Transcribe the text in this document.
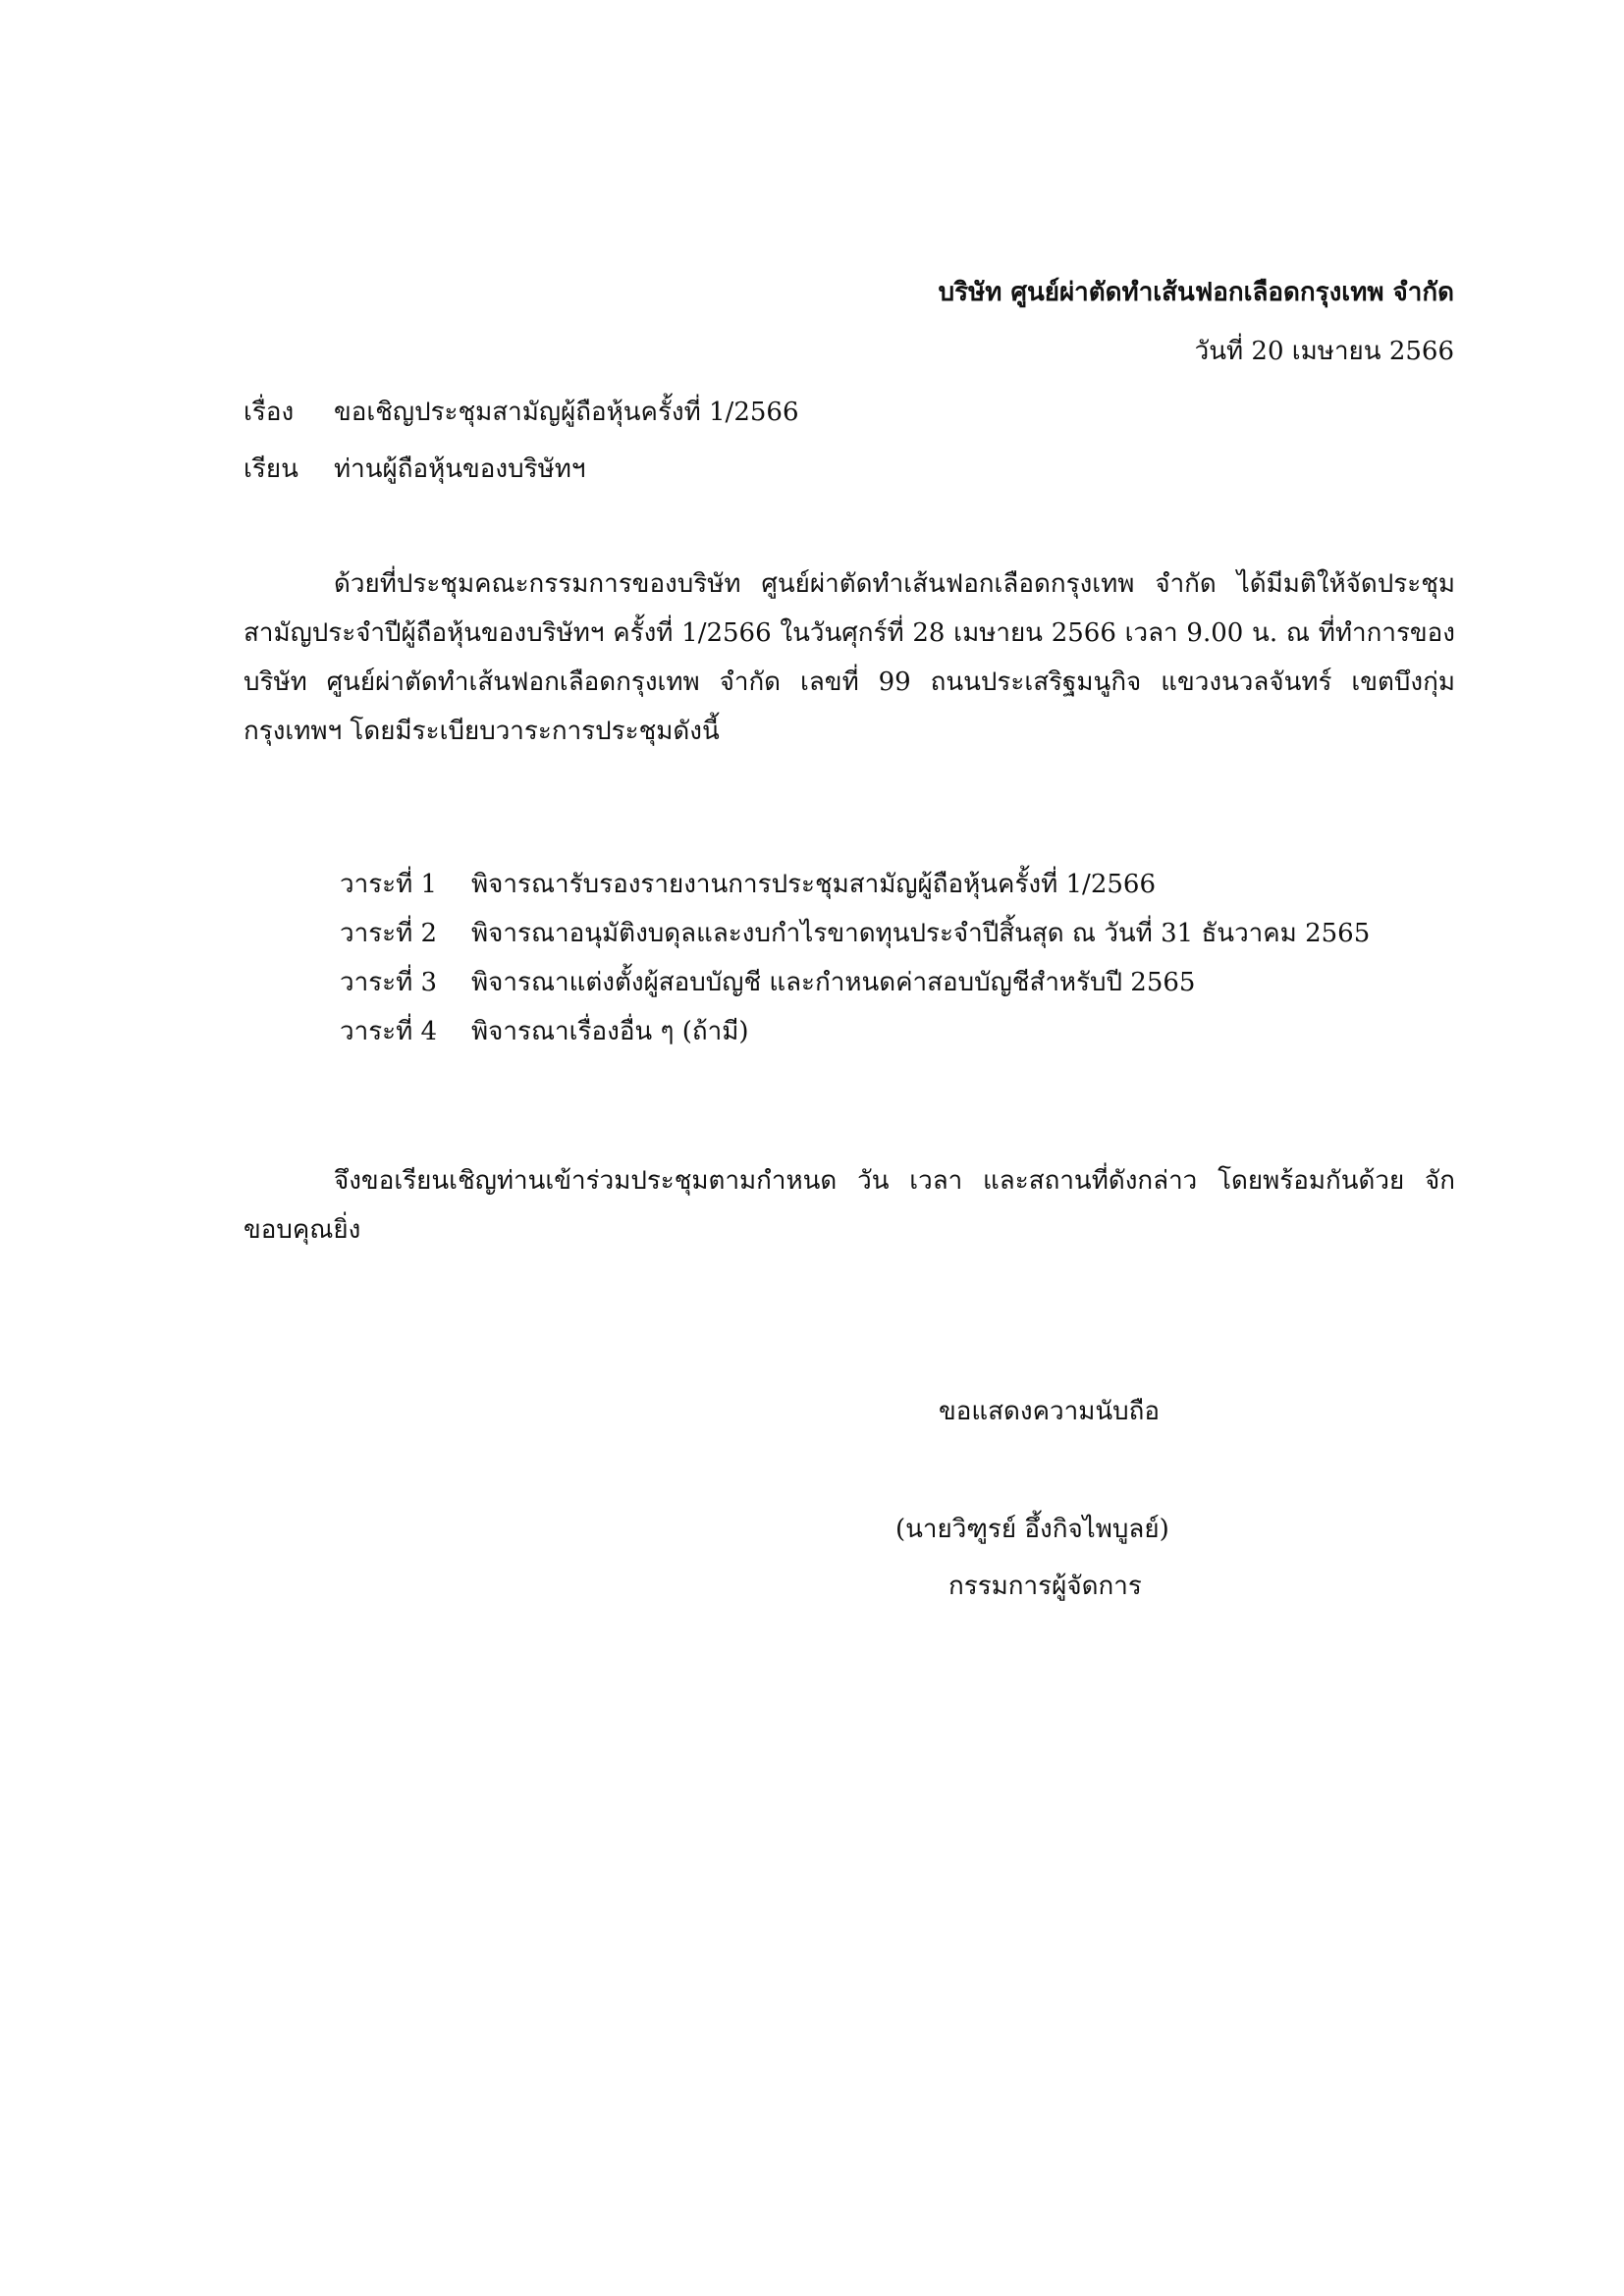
บริษัท ศูนย์ผ่าตัดทำเส้นฟอกเลือดกรุงเทพ จำกัด
วันที่ 20 เมษายน 2566
เรื่อง ขอเชิญประชุมสามัญผู้ถือหุ้นครั้งที่ 1/2566
เรียน ท่านผู้ถือหุ้นของบริษัทฯ
ด้วยที่ประชุมคณะกรรมการของบริษัท ศูนย์ผ่าตัดทำเส้นฟอกเลือดกรุงเทพ จำกัด ได้มีมติให้จัดประชุมสามัญประจำปีผู้ถือหุ้นของบริษัทฯ ครั้งที่ 1/2566 ในวันศุกร์ที่ 28 เมษายน 2566 เวลา 9.00 น. ณ ที่ทำการของ บริษัท ศูนย์ผ่าตัดทำเส้นฟอกเลือดกรุงเทพ จำกัด เลขที่ 99 ถนนประเสริฐมนูกิจ แขวงนวลจันทร์ เขตบึงกุ่ม กรุงเทพฯ โดยมีระเบียบวาระการประชุมดังนี้
วาระที่ 1 พิจารณารับรองรายงานการประชุมสามัญผู้ถือหุ้นครั้งที่ 1/2566
วาระที่ 2 พิจารณาอนุมัติงบดุลและงบกำไรขาดทุนประจำปีสิ้นสุด ณ วันที่ 31 ธันวาคม 2565
วาระที่ 3 พิจารณาแต่งตั้งผู้สอบบัญชี และกำหนดค่าสอบบัญชีสำหรับปี 2565
วาระที่ 4 พิจารณาเรื่องอื่น ๆ (ถ้ามี)
จึงขอเรียนเชิญท่านเข้าร่วมประชุมตามกำหนด วัน เวลา และสถานที่ดังกล่าว โดยพร้อมกันด้วย จักขอบคุณยิ่ง
ขอแสดงความนับถือ
(นายวิฑูรย์ อึ้งกิจไพบูลย์)
กรรมการผู้จัดการ
